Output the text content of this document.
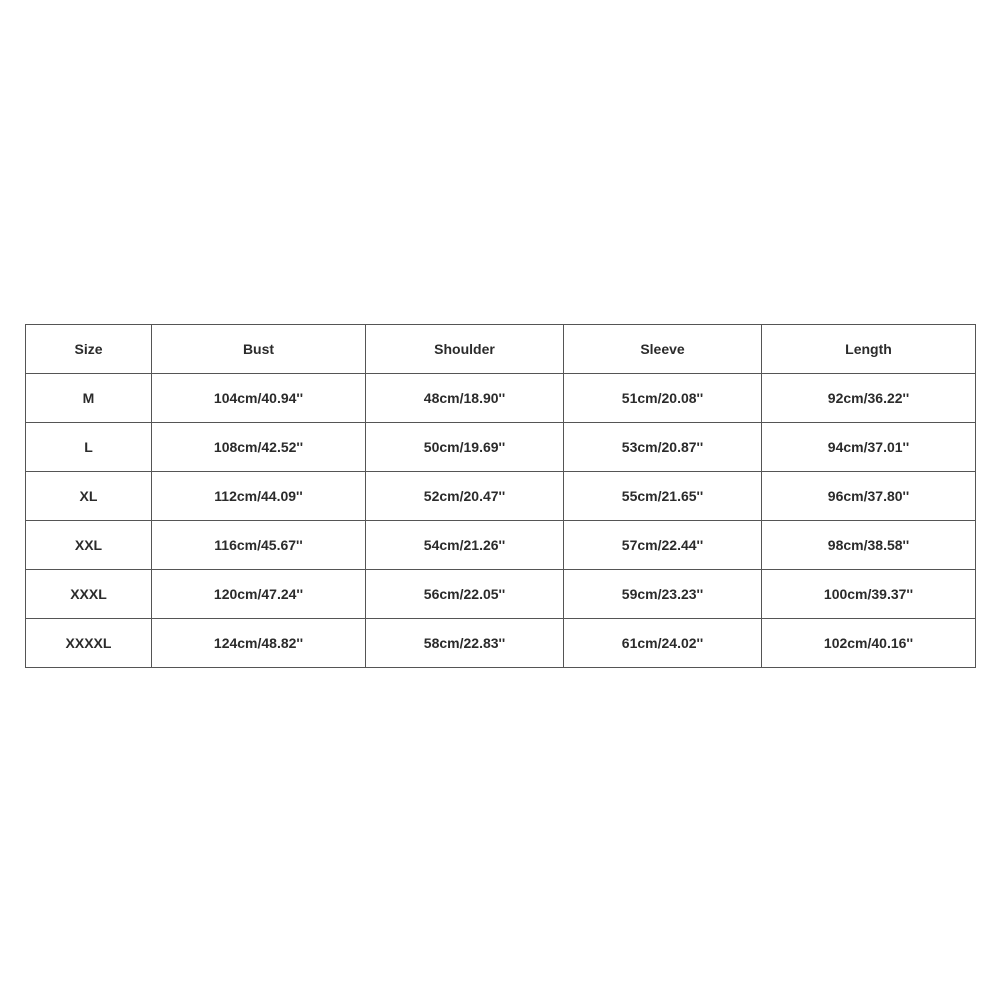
Size	Bust	Shoulder	Sleeve	Length
M	104cm/40.94''	48cm/18.90''	51cm/20.08''	92cm/36.22''
L	108cm/42.52''	50cm/19.69''	53cm/20.87''	94cm/37.01''
XL	112cm/44.09''	52cm/20.47''	55cm/21.65''	96cm/37.80''
XXL	116cm/45.67''	54cm/21.26''	57cm/22.44''	98cm/38.58''
XXXL	120cm/47.24''	56cm/22.05''	59cm/23.23''	100cm/39.37''
XXXXL	124cm/48.82''	58cm/22.83''	61cm/24.02''	102cm/40.16''
